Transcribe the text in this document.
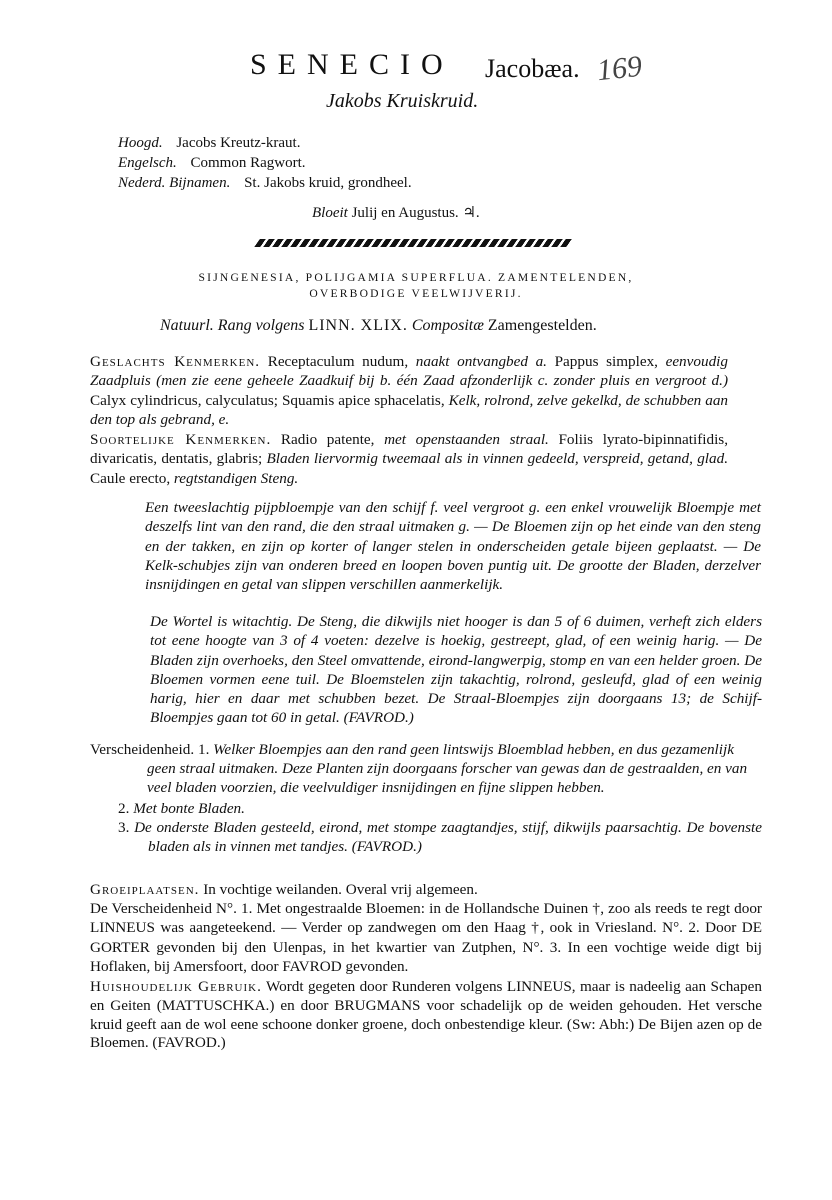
SENECIO Jacobæa. 169
Jakobs Kruiskruid.
Hoogd. Jacobs Kreutz-kraut.
Engelsch. Common Ragwort.
Nederd. Bijnamen. St. Jakobs kruid, grondheel.
Bloeit Julij en Augustus. ♃.
SIJNGENESIA, POLIJGAMIA SUPERFLUA. ZAMENTELENDEN,
OVERBODIGE VEELWIJVERIJ.
Natuurl. Rang volgens LINN. XLIX. Compositæ Zamengestelden.
Geslachts Kenmerken. Receptaculum nudum, naakt ontvangbed a. Pappus simplex, eenvoudig Zaadpluis (men zie eene geheele Zaadkuif bij b. één Zaad afzonderlijk c. zonder pluis en vergroot d.) Calyx cylindricus, calyculatus; Squamis apice sphacelatis, Kelk, rolrond, zelve gekelkd, de schubben aan den top als gebrand, e.
Soortelijke Kenmerken. Radio patente, met openstaanden straal. Foliis lyrato-bipinnatifidis, divaricatis, dentatis, glabris; Bladen liervormig tweemaal als in vinnen gedeeld, verspreid, getand, glad. Caule erecto, regtstandigen Steng.
Een tweeslachtig pijpbloempje van den schijf f. veel vergroot g. een enkel vrouwelijk Bloempje met deszelfs lint van den rand, die den straal uitmaken g. — De Bloemen zijn op het einde van den steng en der takken, en zijn op korter of langer stelen in onderscheiden getale bijeen geplaatst. — De Kelk-schubjes zijn van onderen breed en loopen boven puntig uit. De grootte der Bladen, derzelver insnijdingen en getal van slippen verschillen aanmerkelijk.
De Wortel is witachtig. De Steng, die dikwijls niet hooger is dan 5 of 6 duimen, verheft zich elders tot eene hoogte van 3 of 4 voeten: dezelve is hoekig, gestreept, glad, of een weinig harig. — De Bladen zijn overhoeks, den Steel omvattende, eirond-langwerpig, stomp en van een helder groen. De Bloemen vormen eene tuil. De Bloemstelen zijn takachtig, rolrond, gesleufd, glad of een weinig harig, hier en daar met schubben bezet. De Straal-Bloempjes zijn doorgaans 13; de Schijf-Bloempjes gaan tot 60 in getal. (FAVROD.)
Verscheidenheid. 1. Welker Bloempjes aan den rand geen lintswijs Bloemblad hebben, en dus gezamenlijk geen straal uitmaken. Deze Planten zijn doorgaans forscher van gewas dan de gestraalden, en van veel bladen voorzien, die veelvuldiger insnijdingen en fijne slippen hebben.
2. Met bonte Bladen.
3. De onderste Bladen gesteeld, eirond, met stompe zaagtandjes, stijf, dikwijls paarsachtig. De bovenste bladen als in vinnen met tandjes. (FAVROD.)
Groeiplaatsen. In vochtige weilanden. Overal vrij algemeen.
De Verscheidenheid N°. 1. Met ongestraalde Bloemen: in de Hollandsche Duinen †, zoo als reeds te regt door LINNEUS was aangeteekend. — Verder op zandwegen om den Haag †, ook in Vriesland. N°. 2. Door DE GORTER gevonden bij den Ulenpas, in het kwartier van Zutphen, N°. 3. In een vochtige weide digt bij Hoflaken, bij Amersfoort, door FAVROD gevonden.
Huishoudelijk Gebruik. Wordt gegeten door Runderen volgens LINNEUS, maar is nadeelig aan Schapen en Geiten (MATTUSCHKA.) en door BRUGMANS voor schadelijk op de weiden gehouden. Het versche kruid geeft aan de wol eene schoone donker groene, doch onbestendige kleur. (Sw: Abh:) De Bijen azen op de Bloemen. (FAVROD.)
